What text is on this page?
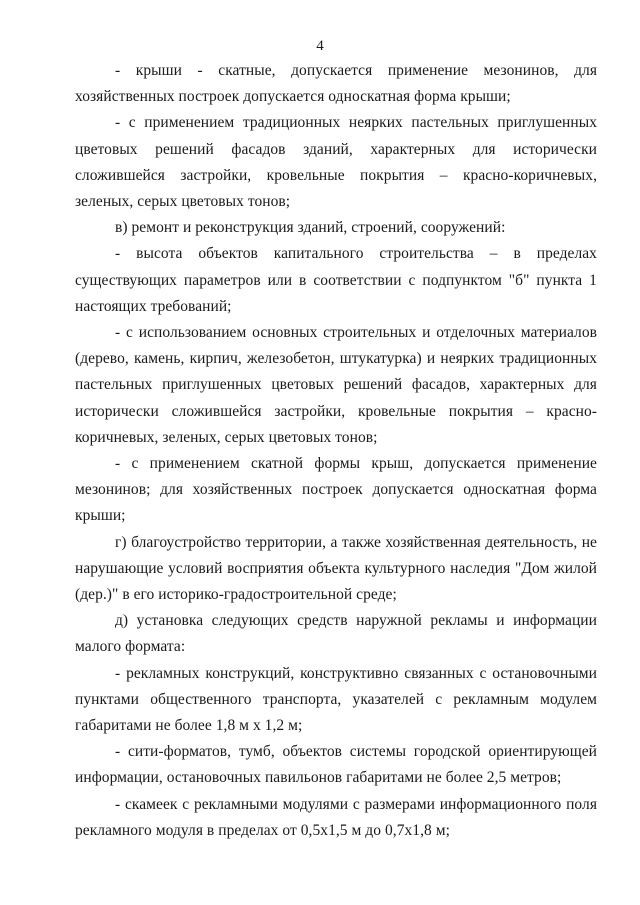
4

- крыши - скатные, допускается применение мезонинов, для хозяйственных построек допускается односкатная форма крыши;

- с применением традиционных неярких пастельных приглушенных цветовых решений фасадов зданий, характерных для исторически сложившейся застройки, кровельные покрытия – красно-коричневых, зеленых, серых цветовых тонов;

в) ремонт и реконструкция зданий, строений, сооружений:

- высота объектов капитального строительства – в пределах существующих параметров или в соответствии с подпунктом "б" пункта 1 настоящих требований;

- с использованием основных строительных и отделочных материалов (дерево, камень, кирпич, железобетон, штукатурка) и неярких традиционных пастельных приглушенных цветовых решений фасадов, характерных для исторически сложившейся застройки, кровельные покрытия – красно-коричневых, зеленых, серых цветовых тонов;

- с применением скатной формы крыш, допускается применение мезонинов; для хозяйственных построек допускается односкатная форма крыши;

г) благоустройство территории, а также хозяйственная деятельность, не нарушающие условий восприятия объекта культурного наследия "Дом жилой (дер.)" в его историко-градостроительной среде;

д) установка следующих средств наружной рекламы и информации малого формата:

- рекламных конструкций, конструктивно связанных с остановочными пунктами общественного транспорта, указателей с рекламным модулем габаритами не более 1,8 м х 1,2 м;

- сити-форматов, тумб, объектов системы городской ориентирующей информации, остановочных павильонов габаритами не более 2,5 метров;

- скамеек с рекламными модулями с размерами информационного поля рекламного модуля в пределах от 0,5х1,5 м до 0,7х1,8 м;
